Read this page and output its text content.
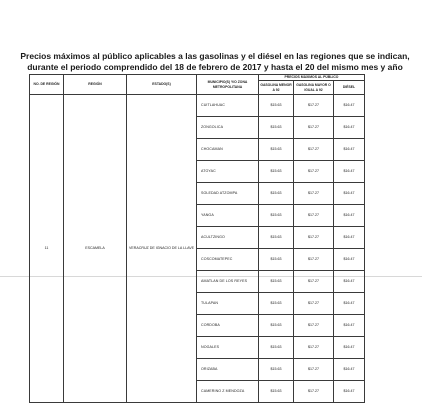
Precios máximos al público aplicables a las gasolinas y el diésel en las regiones que se indican,
durante el periodo comprendido del 18 de febrero de 2017 y hasta el 20 del mismo mes y año
NO. DE REGIÓN	REGIÓN	ESTADO(S)	MUNICIPIO(S) Y/O ZONA METROPOLITANA	PRECIOS MÁXIMOS AL PÚBLICO		
				GASOLINA MENOR A 92	GASOLINA MAYOR O IGUAL A 92	DIÉSEL
11	ESCAMELA	VERACRUZ DE IGNACIO DE LA LLAVE	CUITLAHUAC	$15.63	$17.27	$16.47
			ZONGOLICA	$15.63	$17.27	$16.47
			CHOCAMAN	$15.63	$17.27	$16.47
			ATOYAC	$15.63	$17.27	$16.47
			SOLEDAD ATZOMPA	$15.63	$17.27	$16.47
			YANGA	$15.63	$17.27	$16.47
			ACULTZINGO	$15.63	$17.27	$16.47
			COSCOMATEPEC	$15.63	$17.27	$16.47
			AMATLAN DE LOS REYES	$15.63	$17.27	$16.47
			TULAPAN	$15.63	$17.27	$16.47
			CORDOBA	$15.63	$17.27	$16.47
			NOGALES	$15.63	$17.27	$16.47
			ORIZABA	$15.63	$17.27	$16.47
			CAMERINO Z MENDOZA	$15.63	$17.27	$16.47
